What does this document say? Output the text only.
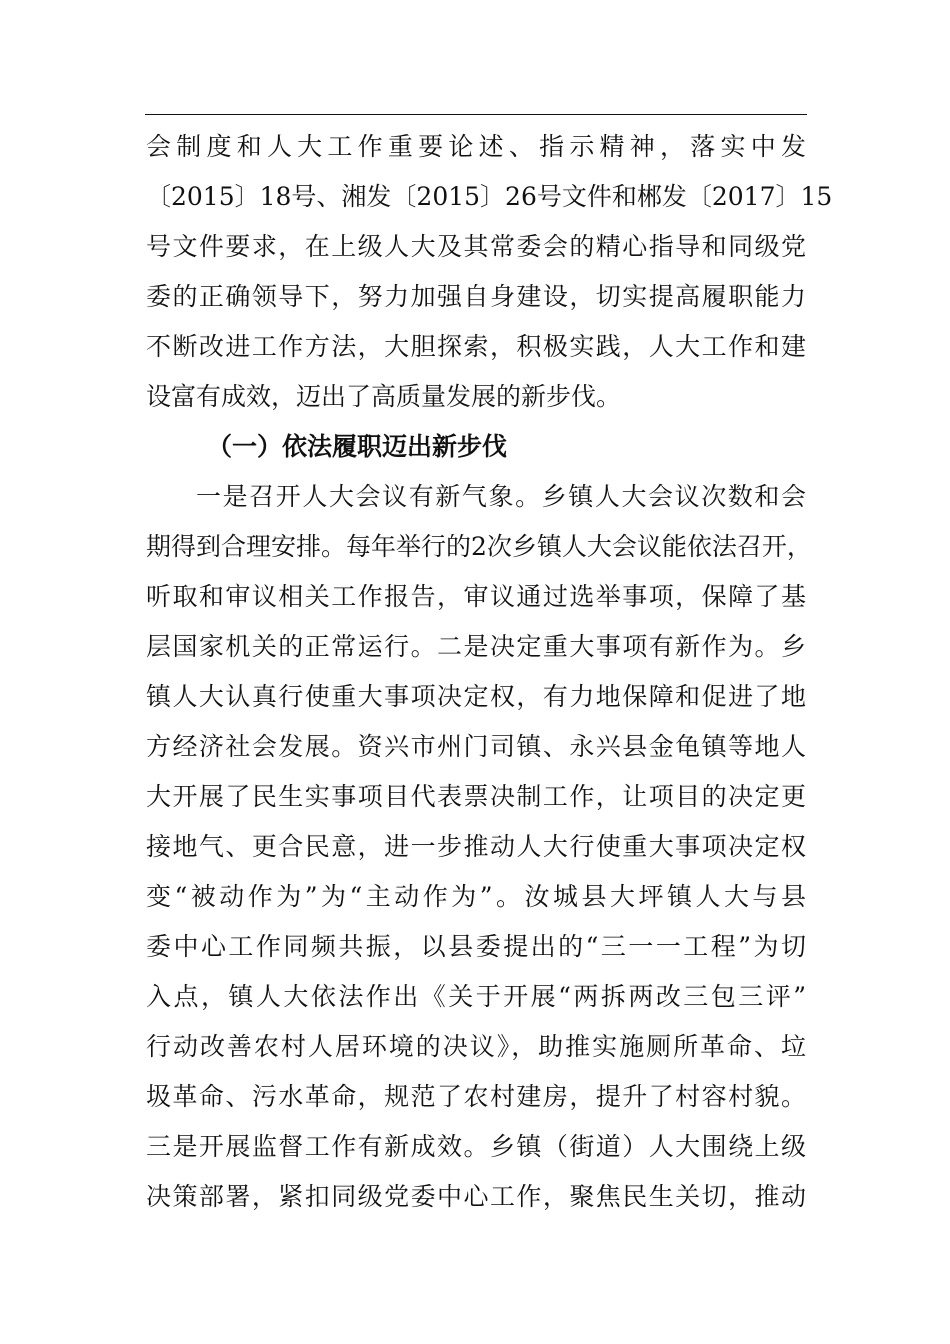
会制度和人大工作重要论述、指示精神，落实中发
〔2015〕18号、湘发〔2015〕26号文件和郴发〔2017〕15
号文件要求，在上级人大及其常委会的精心指导和同级党
委的正确领导下，努力加强自身建设，切实提高履职能力
不断改进工作方法，大胆探索，积极实践，人大工作和建
设富有成效，迈出了高质量发展的新步伐。
（一）依法履职迈出新步伐
一是召开人大会议有新气象。乡镇人大会议次数和会
期得到合理安排。每年举行的2次乡镇人大会议能依法召开，
听取和审议相关工作报告，审议通过选举事项，保障了基
层国家机关的正常运行。二是决定重大事项有新作为。乡
镇人大认真行使重大事项决定权，有力地保障和促进了地
方经济社会发展。资兴市州门司镇、永兴县金龟镇等地人
大开展了民生实事项目代表票决制工作，让项目的决定更
接地气、更合民意，进一步推动人大行使重大事项决定权
变“被动作为”为“主动作为”。汝城县大坪镇人大与县
委中心工作同频共振，以县委提出的“三一一工程”为切
入点，镇人大依法作出《关于开展“两拆两改三包三评”
行动改善农村人居环境的决议》，助推实施厕所革命、垃
圾革命、污水革命，规范了农村建房，提升了村容村貌。
三是开展监督工作有新成效。乡镇（街道）人大围绕上级
决策部署，紧扣同级党委中心工作，聚焦民生关切，推动
